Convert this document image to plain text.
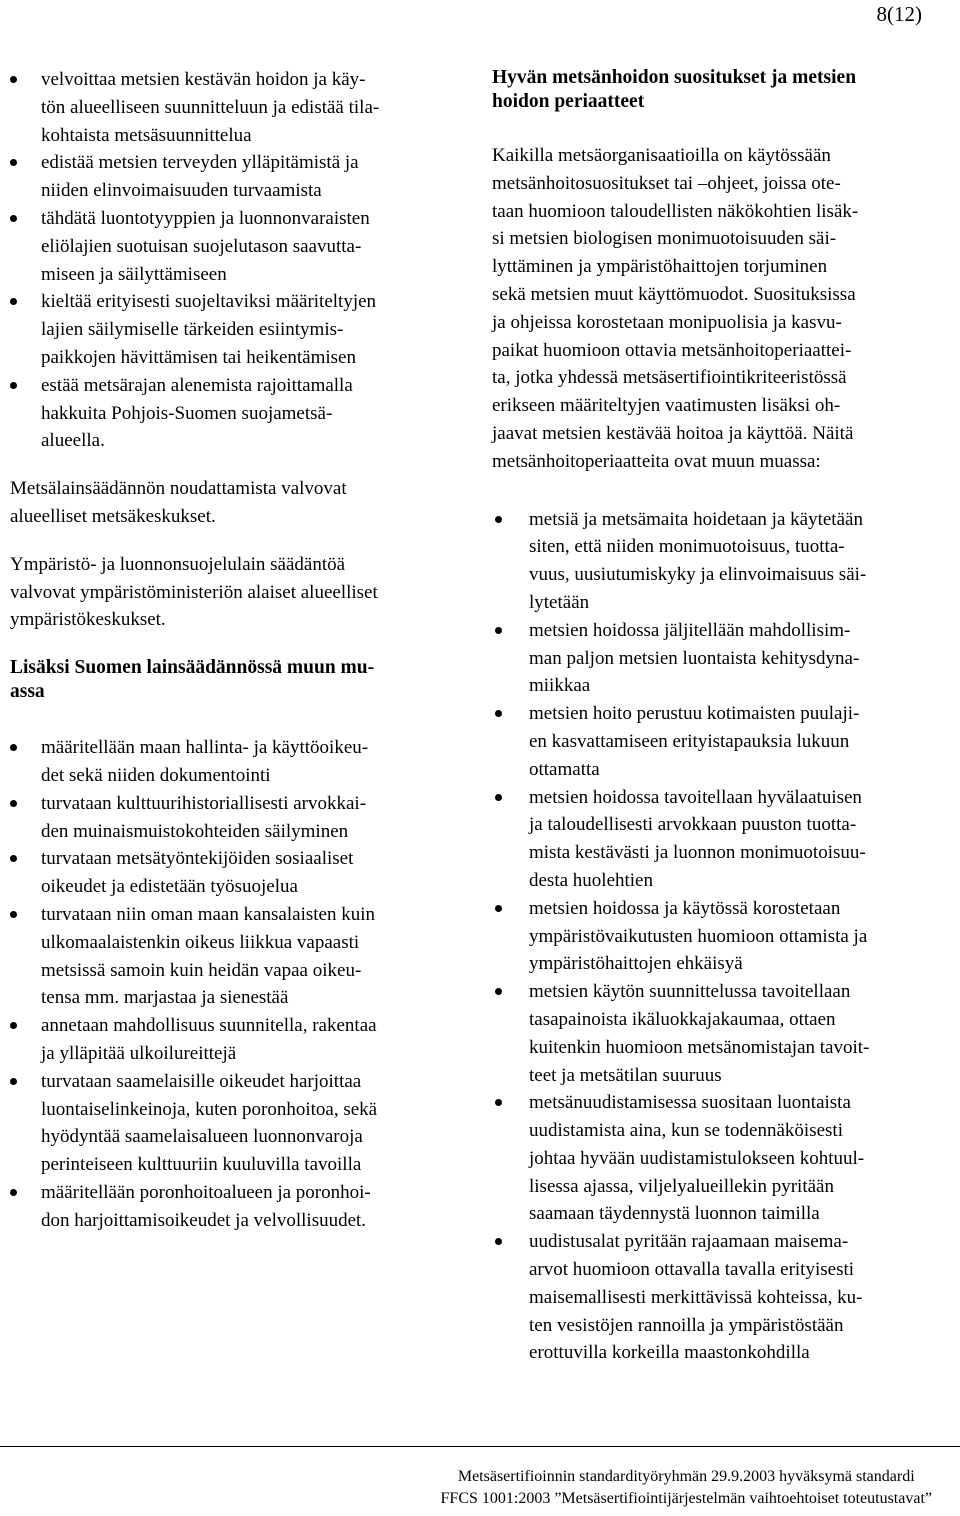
8(12)
velvoittaa metsien kestävän hoidon ja käy-
tön alueelliseen suunnitteluun ja edistää tila-
kohtaista metsäsuunnittelua
edistää metsien terveyden ylläpitämistä ja
niiden elinvoimaisuuden turvaamista
tähdätä luontotyyppien ja luonnonvaraisten
eliölajien suotuisan suojelutason saavutta-
miseen ja säilyttämiseen
kieltää erityisesti suojeltaviksi määriteltyjen
lajien säilymiselle tärkeiden esiintymis-
paikkojen hävittämisen tai heikentämisen
estää metsärajan alenemista rajoittamalla
hakkuita Pohjois-Suomen suojametsä-
alueella.

Metsälainsäädännön noudattamista valvovat
alueelliset metsäkeskukset.

Ympäristö- ja luonnonsuojelulain säädäntöä
valvovat ympäristöministeriön alaiset alueelliset
ympäristökeskukset.

Lisäksi Suomen lainsäädännössä muun mu-
assa
määritellään maan hallinta- ja käyttöoikeu-
det sekä niiden dokumentointi
turvataan kulttuurihistoriallisesti arvokkai-
den muinaismuistokohteiden säilyminen
turvataan metsätyöntekijöiden sosiaaliset
oikeudet ja edistetään työsuojelua
turvataan niin oman maan kansalaisten kuin
ulkomaalaistenkin oikeus liikkua vapaasti
metsissä samoin kuin heidän vapaa oikeu-
tensa mm. marjastaa ja sienestää
annetaan mahdollisuus suunnitella, rakentaa
ja ylläpitää ulkoilureittejä
turvataan saamelaisille oikeudet harjoittaa
luontaiselinkeinoja, kuten poronhoitoa, sekä
hyödyntää saamelaisalueen luonnonvaroja
perinteiseen kulttuuriin kuuluvilla tavoilla
määritellään poronhoitoalueen ja poronhoi-
don harjoittamisoikeudet ja velvollisuudet.
Hyvän metsänhoidon suositukset ja metsien
hoidon periaatteet

Kaikilla metsäorganisaatioilla on käytössään
metsänhoitosuositukset tai –ohjeet, joissa ote-
taan huomioon taloudellisten näkökohtien lisäk-
si metsien biologisen monimuotoisuuden säi-
lyttäminen ja ympäristöhaittojen torjuminen
sekä metsien muut käyttömuodot. Suosituksissa
ja ohjeissa korostetaan monipuolisia ja kasvu-
paikat huomioon ottavia metsänhoitoperiaattei-
ta, jotka yhdessä metsäsertifiointikriteeristössä
erikseen määriteltyjen vaatimusten lisäksi oh-
jaavat metsien kestävää hoitoa ja käyttöä. Näitä
metsänhoitoperiaatteita ovat muun muassa:

metsiä ja metsämaita hoidetaan ja käytetään
siten, että niiden monimuotoisuus, tuotta-
vuus, uusiutumiskyky ja elinvoimaisuus säi-
lytetään
metsien hoidossa jäljitellään mahdollisim-
man paljon metsien luontaista kehitysdyna-
miikkaa
metsien hoito perustuu kotimaisten puulaji-
en kasvattamiseen erityistapauksia lukuun
ottamatta
metsien hoidossa tavoitellaan hyvälaatuisen
ja taloudellisesti arvokkaan puuston tuotta-
mista kestävästi ja luonnon monimuotoisuu-
desta huolehtien
metsien hoidossa ja käytössä korostetaan
ympäristövaikutusten huomioon ottamista ja
ympäristöhaittojen ehkäisyä
metsien käytön suunnittelussa tavoitellaan
tasapainoista ikäluokkajakaumaa, ottaen
kuitenkin huomioon metsänomistajan tavoit-
teet ja metsätilan suuruus
metsänuudistamisessa suositaan luontaista
uudistamista aina, kun se todennäköisesti
johtaa hyvään uudistamistulokseen kohtuul-
lisessa ajassa, viljelyalueillekin pyritään
saamaan täydennystä luonnon taimilla
uudistusalat pyritään rajaamaan maisema-
arvot huomioon ottavalla tavalla erityisesti
maisemallisesti merkittävissä kohteissa, ku-
ten vesistöjen rannoilla ja ympäristöstään
erottuvilla korkeilla maastonkohdilla
Metsäsertifioinnin standardityöryhmän 29.9.2003 hyväksymä standardi
FFCS 1001:2003 ”Metsäsertifiointijärjestelmän vaihtoehtoiset toteutustavat”
